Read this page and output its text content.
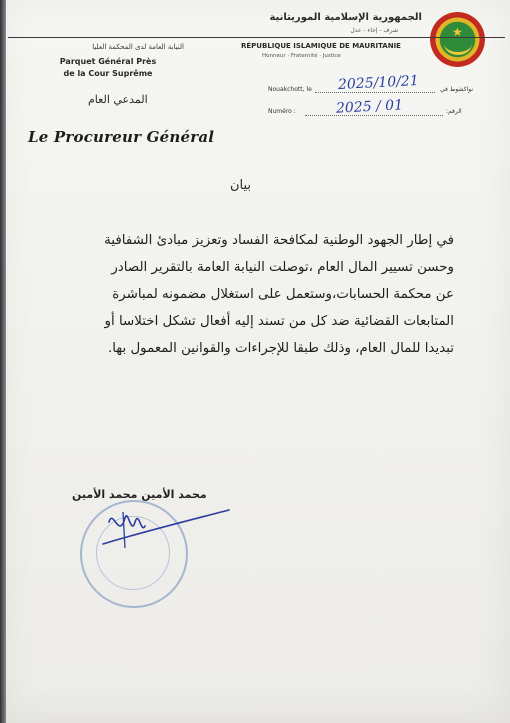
★
الجمهورية الإسلامية الموريتانية
شرف - إخاء - عدل
RÉPUBLIQUE ISLAMIQUE DE MAURITANIE
Honneur · Fraternité · Justice
النيابة العامة لدى المحكمة العليا
Parquet Général Près
de la Cour Suprême
المدعي العام
Le Procureur Général
Nouakchott, le	نواكشوط في
2025/10/21
Numéro :	الرقم:
2025 / 01
بيان
في إطار الجهود الوطنية لمكافحة الفساد وتعزيز مبادئ الشفافية
وحسن تسيير المال العام ،توصلت النيابة العامة بالتقرير الصادر
عن محكمة الحسابات،وستعمل على استغلال مضمونه لمباشرة
المتابعات القضائية ضد كل من تسند إليه أفعال تشكل اختلاسا أو
تبديدا للمال العام، وذلك طبقا للإجراءات والقوانين المعمول بها.
محمد الأمين محمد الأمين
